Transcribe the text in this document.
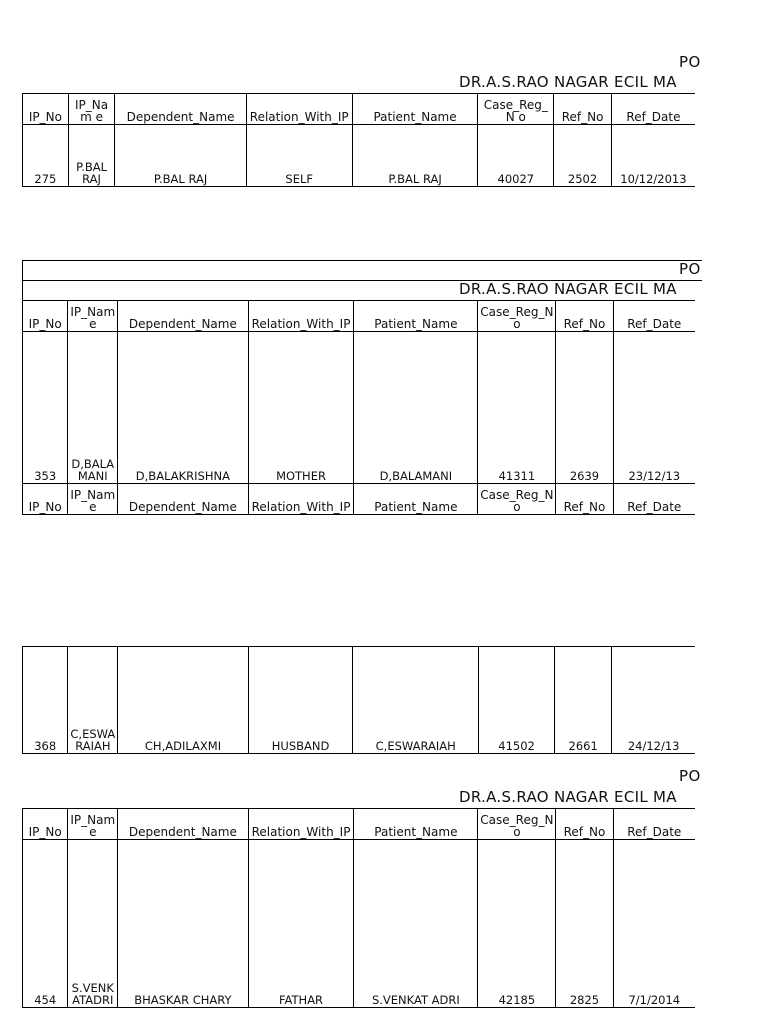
PO
DR.A.S.RAO NAGAR ECIL MA
IP_No	IP_Nam e	Dependent_Name	Relation_With_IP	Patient_Name	Case_Reg_N o	Ref_No	Ref_Date
275	P.BAL RAJ	P.BAL RAJ	SELF	P.BAL RAJ	40027	2502	10/12/2013
PO
DR.A.S.RAO NAGAR ECIL MA
IP_No	IP_Nam e	Dependent_Name	Relation_With_IP	Patient_Name	Case_Reg_N o	Ref_No	Ref_Date
353	D,BALA MANI	D,BALAKRISHNA	MOTHER	D,BALAMANI	41311	2639	23/12/13
IP_No	IP_Nam e	Dependent_Name	Relation_With_IP	Patient_Name	Case_Reg_N o	Ref_No	Ref_Date
368	C,ESWA RAIAH	CH,ADILAXMI	HUSBAND	C,ESWARAIAH	41502	2661	24/12/13
PO
DR.A.S.RAO NAGAR ECIL MA
IP_No	IP_Nam e	Dependent_Name	Relation_With_IP	Patient_Name	Case_Reg_N o	Ref_No	Ref_Date
454	S.VENK ATADRI	BHASKAR CHARY	FATHAR	S.VENKAT ADRI	42185	2825	7/1/2014
